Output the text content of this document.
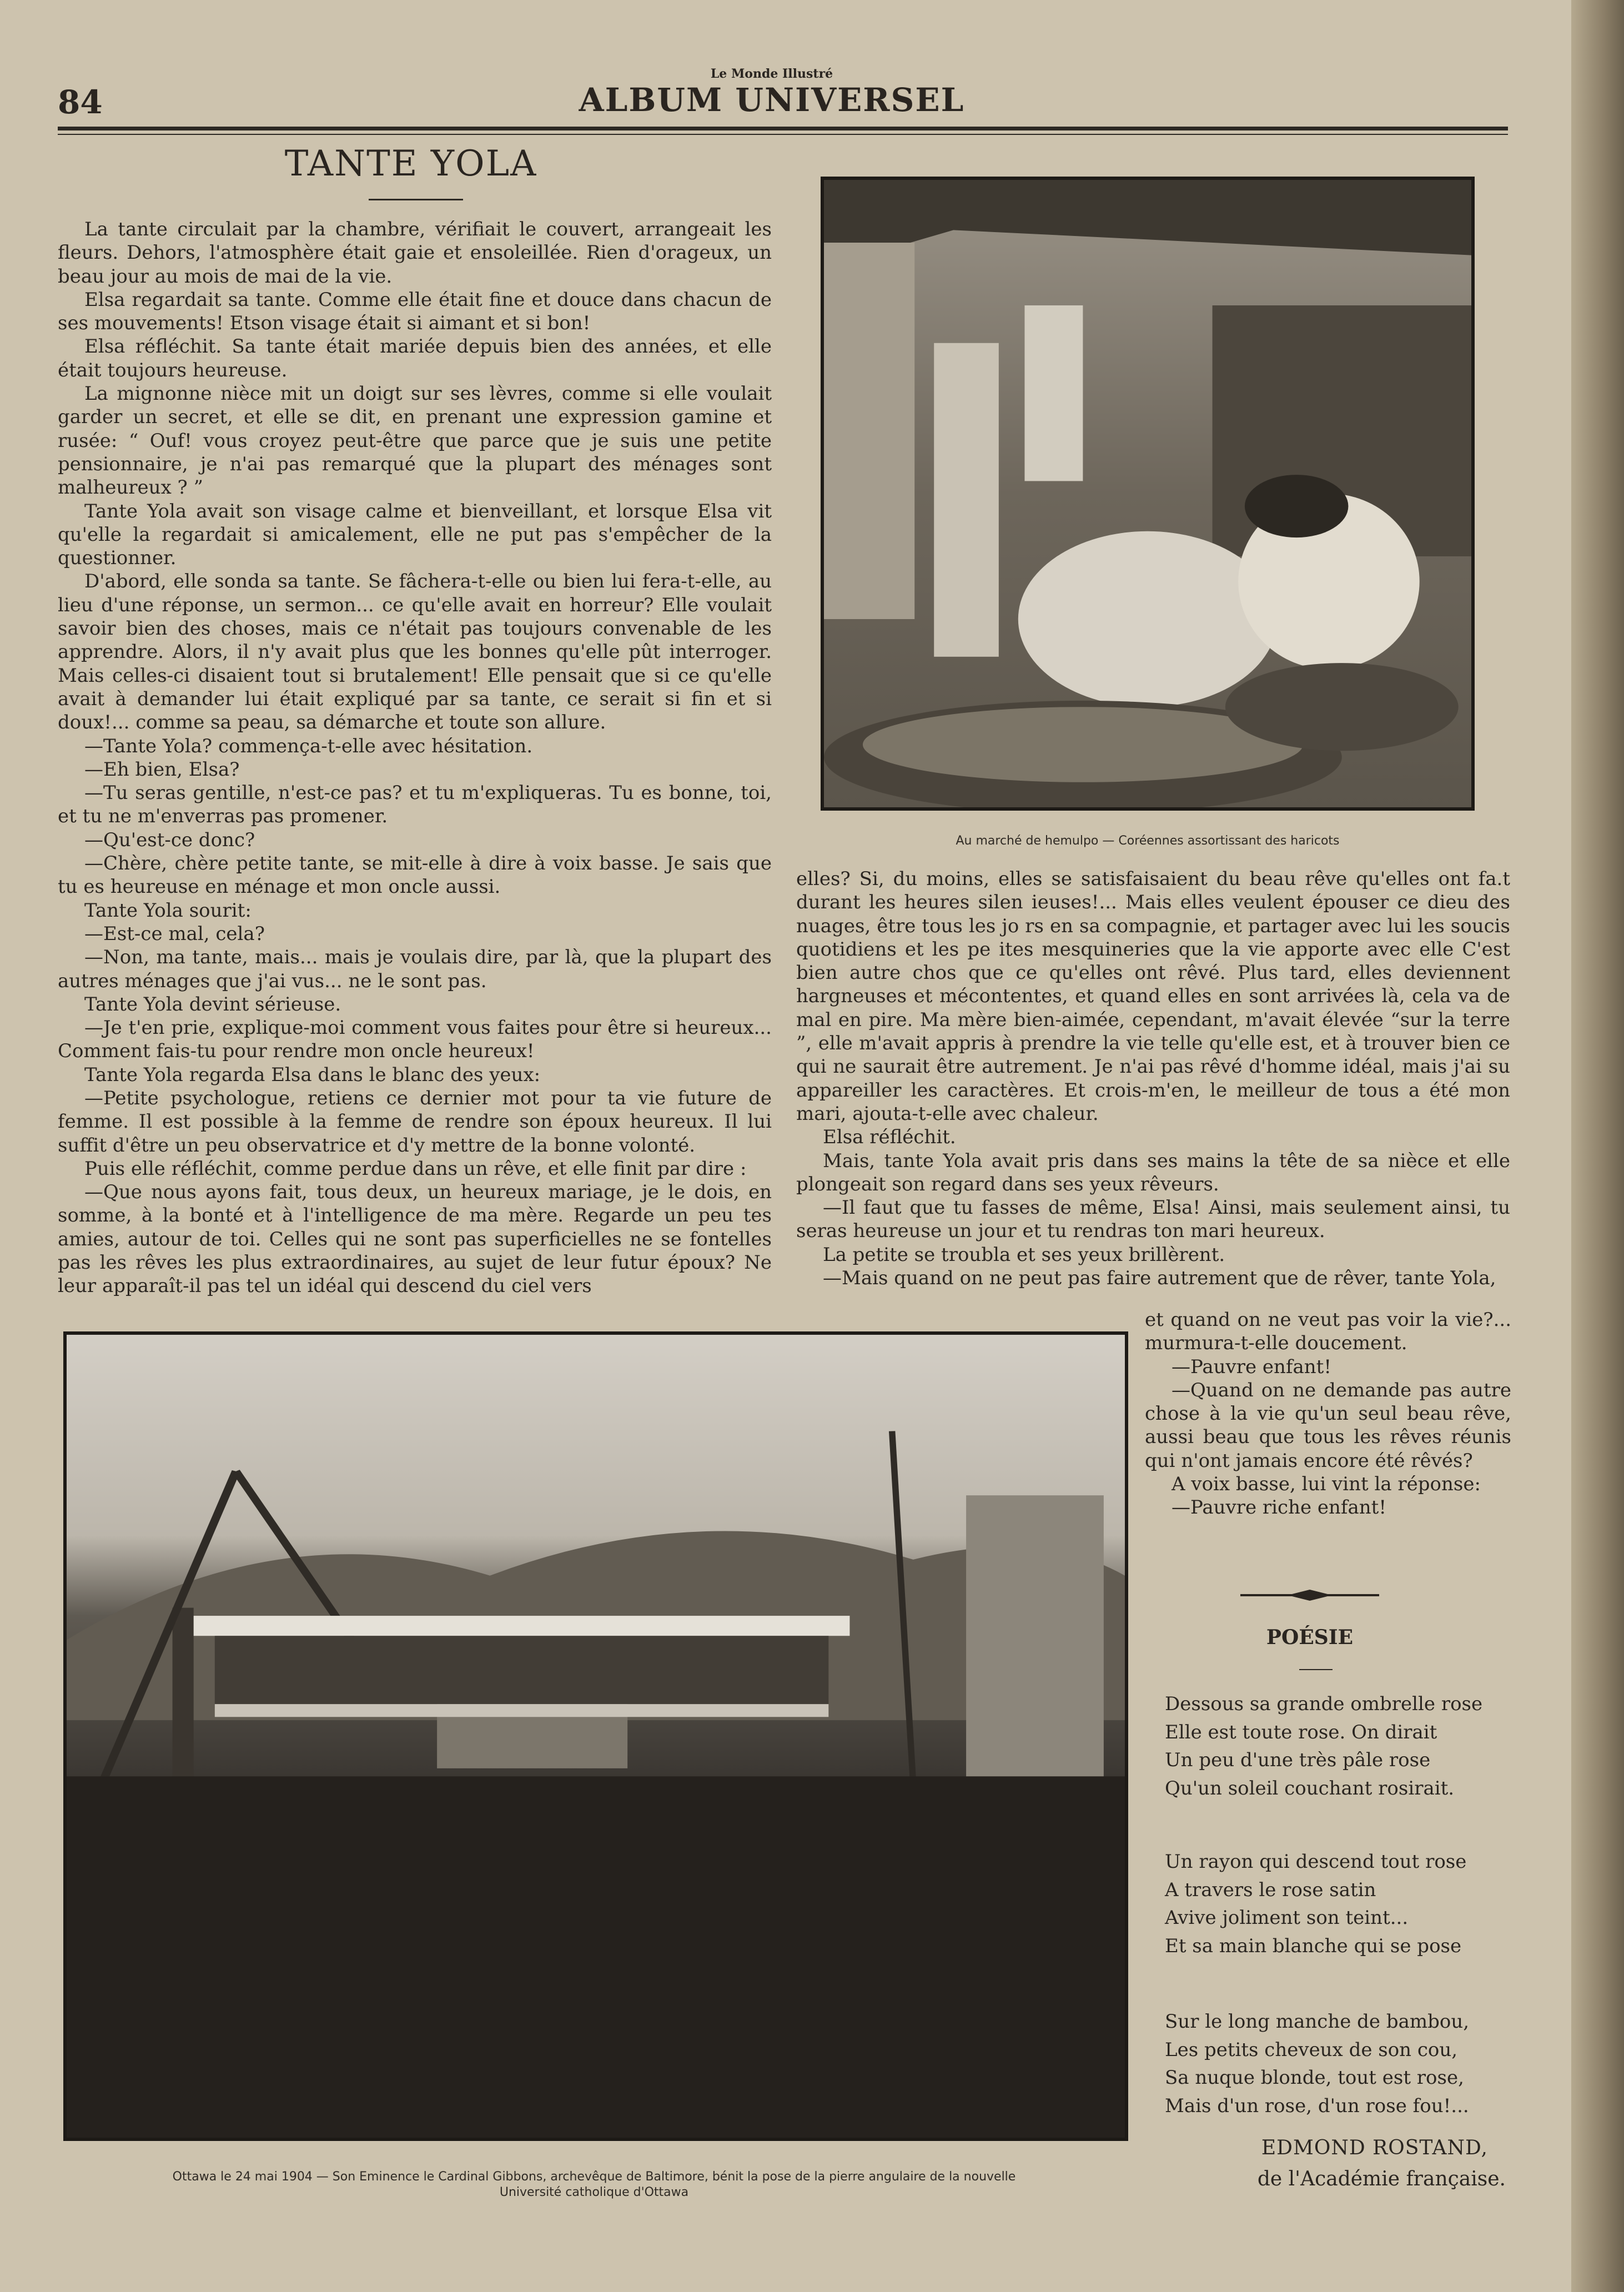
84
Le Monde Illustré
ALBUM UNIVERSEL
TANTE YOLA

La tante circulait par la chambre, vérifiait le couvert, arrangeait les fleurs. Dehors, l'atmosphère était gaie et ensoleillée. Rien d'orageux, un beau jour au mois de mai de la vie.

Elsa regardait sa tante. Comme elle était fine et douce dans chacun de ses mouvements! Etson visage était si aimant et si bon!

Elsa réfléchit. Sa tante était mariée depuis bien des années, et elle était toujours heureuse.

La mignonne nièce mit un doigt sur ses lèvres, comme si elle voulait garder un secret, et elle se dit, en prenant une expression gamine et rusée: “ Ouf! vous croyez peut-être que parce que je suis une petite pensionnaire, je n'ai pas remarqué que la plupart des ménages sont malheureux ? ”

Tante Yola avait son visage calme et bienveillant, et lorsque Elsa vit qu'elle la regardait si amicalement, elle ne put pas s'empêcher de la questionner.

D'abord, elle sonda sa tante. Se fâchera-t-elle ou bien lui fera-t-elle, au lieu d'une réponse, un sermon... ce qu'elle avait en horreur? Elle voulait savoir bien des choses, mais ce n'était pas toujours convenable de les apprendre. Alors, il n'y avait plus que les bonnes qu'elle pût interroger. Mais celles-ci disaient tout si brutalement! Elle pensait que si ce qu'elle avait à demander lui était expliqué par sa tante, ce serait si fin et si doux!... comme sa peau, sa démarche et toute son allure.

—Tante Yola? commença-t-elle avec hésitation.

—Eh bien, Elsa?

—Tu seras gentille, n'est-ce pas? et tu m'expliqueras. Tu es bonne, toi, et tu ne m'enverras pas promener.

—Qu'est-ce donc?

—Chère, chère petite tante, se mit-elle à dire à voix basse. Je sais que tu es heureuse en ménage et mon oncle aussi.

Tante Yola sourit:

—Est-ce mal, cela?

—Non, ma tante, mais... mais je voulais dire, par là, que la plupart des autres ménages que j'ai vus... ne le sont pas.

Tante Yola devint sérieuse.

—Je t'en prie, explique-moi comment vous faites pour être si heureux... Comment fais-tu pour rendre mon oncle heureux!

Tante Yola regarda Elsa dans le blanc des yeux:

—Petite psychologue, retiens ce dernier mot pour ta vie future de femme. Il est possible à la femme de rendre son époux heureux. Il lui suffit d'être un peu observatrice et d'y mettre de la bonne volonté.

Puis elle réfléchit, comme perdue dans un rêve, et elle finit par dire :

—Que nous ayons fait, tous deux, un heureux mariage, je le dois, en somme, à la bonté et à l'intelligence de ma mère. Regarde un peu tes amies, autour de toi. Celles qui ne sont pas superficielles ne se fontelles pas les rêves les plus extraordinaires, au sujet de leur futur époux? Ne leur apparaît-il pas tel un idéal qui descend du ciel vers

Au marché de hemulpo — Coréennes assortissant des haricots

elles? Si, du moins, elles se satisfaisaient du beau rêve qu'elles ont fa.t durant les heures silen ieuses!... Mais elles veulent épouser ce dieu des nuages, être tous les jo rs en sa compagnie, et partager avec lui les soucis quotidiens et les pe ites mesquineries que la vie apporte avec elle C'est bien autre chos que ce qu'elles ont rêvé. Plus tard, elles deviennent hargneuses et mécontentes, et quand elles en sont arrivées là, cela va de mal en pire. Ma mère bien-aimée, cependant, m'avait élevée “sur la terre ”, elle m'avait appris à prendre la vie telle qu'elle est, et à trouver bien ce qui ne saurait être autrement. Je n'ai pas rêvé d'homme idéal, mais j'ai su appareiller les caractères. Et crois-m'en, le meilleur de tous a été mon mari, ajouta-t-elle avec chaleur.

Elsa réfléchit.

Mais, tante Yola avait pris dans ses mains la tête de sa nièce et elle plongeait son regard dans ses yeux rêveurs.

—Il faut que tu fasses de même, Elsa! Ainsi, mais seulement ainsi, tu seras heureuse un jour et tu rendras ton mari heureux.

La petite se troubla et ses yeux brillèrent.

—Mais quand on ne peut pas faire autrement que de rêver, tante Yola,

et quand on ne veut pas voir la vie?... murmura-t-elle doucement.

—Pauvre enfant!

—Quand on ne demande pas autre chose à la vie qu'un seul beau rêve, aussi beau que tous les rêves réunis qui n'ont jamais encore été rêvés?

A voix basse, lui vint la réponse:

—Pauvre riche enfant!

Ottawa le 24 mai 1904 — Son Eminence le Cardinal Gibbons, archevêque de Baltimore, bénit la pose de la pierre angulaire de la nouvelle
Université catholique d'Ottawa
POÉSIE
Dessous sa grande ombrelle rose
Elle est toute rose. On dirait
Un peu d'une très pâle rose
Qu'un soleil couchant rosirait.
Un rayon qui descend tout rose
A travers le rose satin
Avive joliment son teint...
Et sa main blanche qui se pose
Sur le long manche de bambou,
Les petits cheveux de son cou,
Sa nuque blonde, tout est rose,
Mais d'un rose, d'un rose fou!...
EDMOND ROSTAND,
de l'Académie française.
